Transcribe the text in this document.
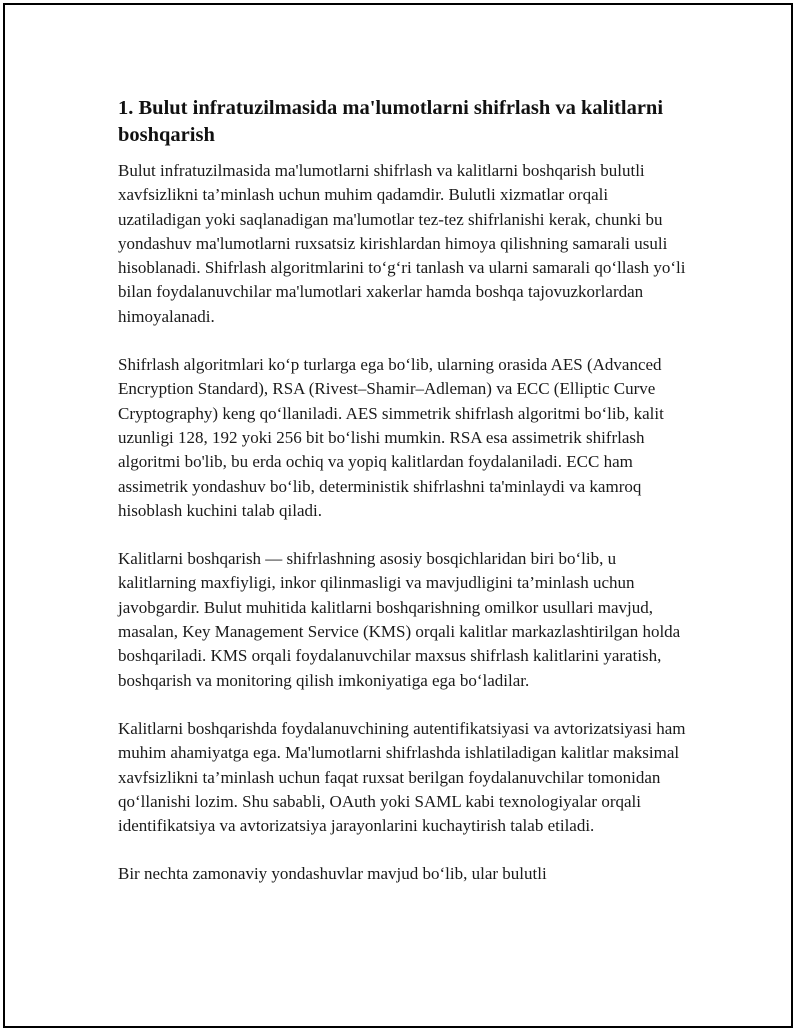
1. Bulut infratuzilmasida ma'lumotlarni shifrlash va kalitlarni boshqarish

Bulut infratuzilmasida ma'lumotlarni shifrlash va kalitlarni boshqarish bulutli xavfsizlikni ta’minlash uchun muhim qadamdir. Bulutli xizmatlar orqali uzatiladigan yoki saqlanadigan ma'lumotlar tez-tez shifrlanishi kerak, chunki bu yondashuv ma'lumotlarni ruxsatsiz kirishlardan himoya qilishning samarali usuli hisoblanadi. Shifrlash algoritmlarini to‘g‘ri tanlash va ularni samarali qo‘llash yo‘li bilan foydalanuvchilar ma'lumotlari xakerlar hamda boshqa tajovuzkorlardan himoyalanadi.

Shifrlash algoritmlari ko‘p turlarga ega bo‘lib, ularning orasida AES (Advanced Encryption Standard), RSA (Rivest–Shamir–Adleman) va ECC (Elliptic Curve Cryptography) keng qo‘llaniladi. AES simmetrik shifrlash algoritmi bo‘lib, kalit uzunligi 128, 192 yoki 256 bit bo‘lishi mumkin. RSA esa assimetrik shifrlash algoritmi bo'lib, bu erda ochiq va yopiq kalitlardan foydalaniladi. ECC ham assimetrik yondashuv bo‘lib, deterministik shifrlashni ta'minlaydi va kamroq hisoblash kuchini talab qiladi.

Kalitlarni boshqarish — shifrlashning asosiy bosqichlaridan biri bo‘lib, u kalitlarning maxfiyligi, inkor qilinmasligi va mavjudligini ta’minlash uchun javobgardir. Bulut muhitida kalitlarni boshqarishning omilkor usullari mavjud, masalan, Key Management Service (KMS) orqali kalitlar markazlashtirilgan holda boshqariladi. KMS orqali foydalanuvchilar maxsus shifrlash kalitlarini yaratish, boshqarish va monitoring qilish imkoniyatiga ega bo‘ladilar.

Kalitlarni boshqarishda foydalanuvchining autentifikatsiyasi va avtorizatsiyasi ham muhim ahamiyatga ega. Ma'lumotlarni shifrlashda ishlatiladigan kalitlar maksimal xavfsizlikni ta’minlash uchun faqat ruxsat berilgan foydalanuvchilar tomonidan qo‘llanishi lozim. Shu sababli, OAuth yoki SAML kabi texnologiyalar orqali identifikatsiya va avtorizatsiya jarayonlarini kuchaytirish talab etiladi.

Bir nechta zamonaviy yondashuvlar mavjud bo‘lib, ular bulutli
